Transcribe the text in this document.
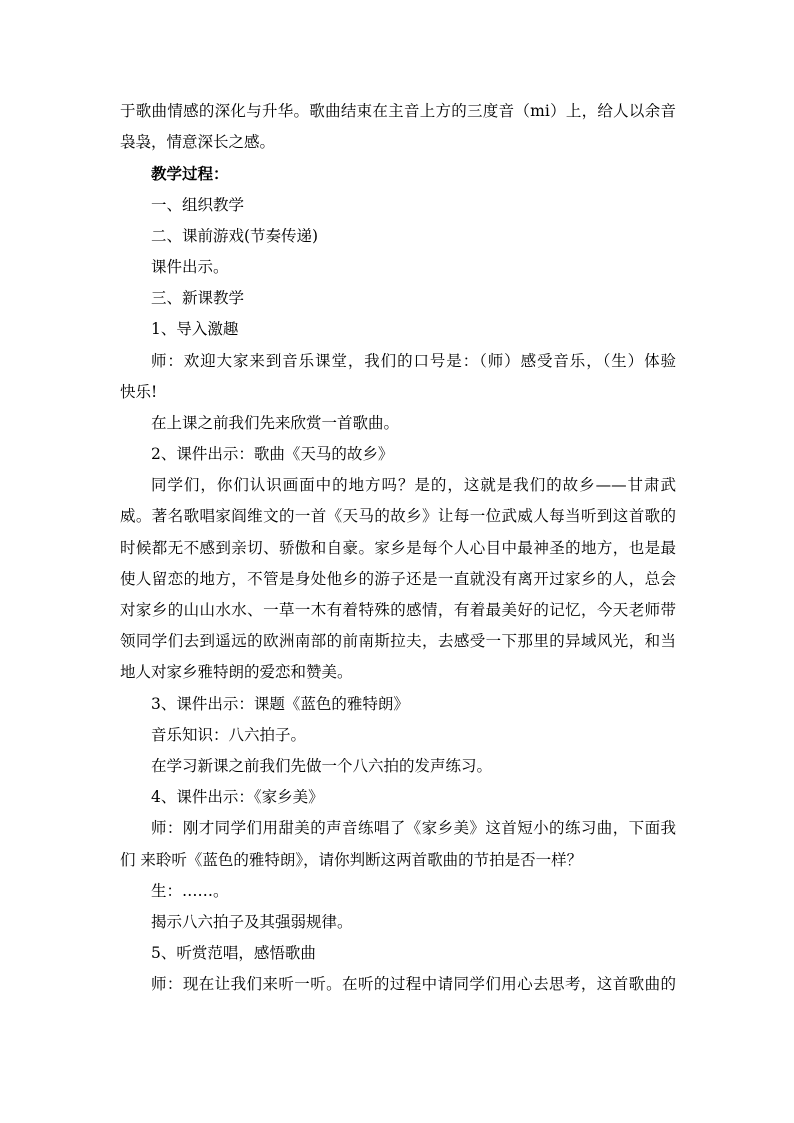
于歌曲情感的深化与升华。歌曲结束在主音上方的三度音（mi）上，给人以余音
袅袅，情意深长之感。
教学过程：
一、组织教学
二、课前游戏(节奏传递)
课件出示。
三、新课教学
1、导入激趣
师：欢迎大家来到音乐课堂，我们的口号是：（师）感受音乐，（生）体验
快乐!
在上课之前我们先来欣赏一首歌曲。
2、课件出示：歌曲《天马的故乡》
同学们，你们认识画面中的地方吗？是的，这就是我们的故乡——甘肃武
威。著名歌唱家阎维文的一首《天马的故乡》让每一位武威人每当听到这首歌的
时候都无不感到亲切、骄傲和自豪。家乡是每个人心目中最神圣的地方，也是最
使人留恋的地方，不管是身处他乡的游子还是一直就没有离开过家乡的人，总会
对家乡的山山水水、一草一木有着特殊的感情，有着最美好的记忆，今天老师带
领同学们去到遥远的欧洲南部的前南斯拉夫，去感受一下那里的异域风光，和当
地人对家乡雅特朗的爱恋和赞美。
3、课件出示：课题《蓝色的雅特朗》
音乐知识：八六拍子。
在学习新课之前我们先做一个八六拍的发声练习。
4、课件出示：《家乡美》
师：刚才同学们用甜美的声音练唱了《家乡美》这首短小的练习曲，下面我
们 来聆听《蓝色的雅特朗》，请你判断这两首歌曲的节拍是否一样？
生：……。
揭示八六拍子及其强弱规律。
5、听赏范唱，感悟歌曲
师：现在让我们来听一听。在听的过程中请同学们用心去思考，这首歌曲的
